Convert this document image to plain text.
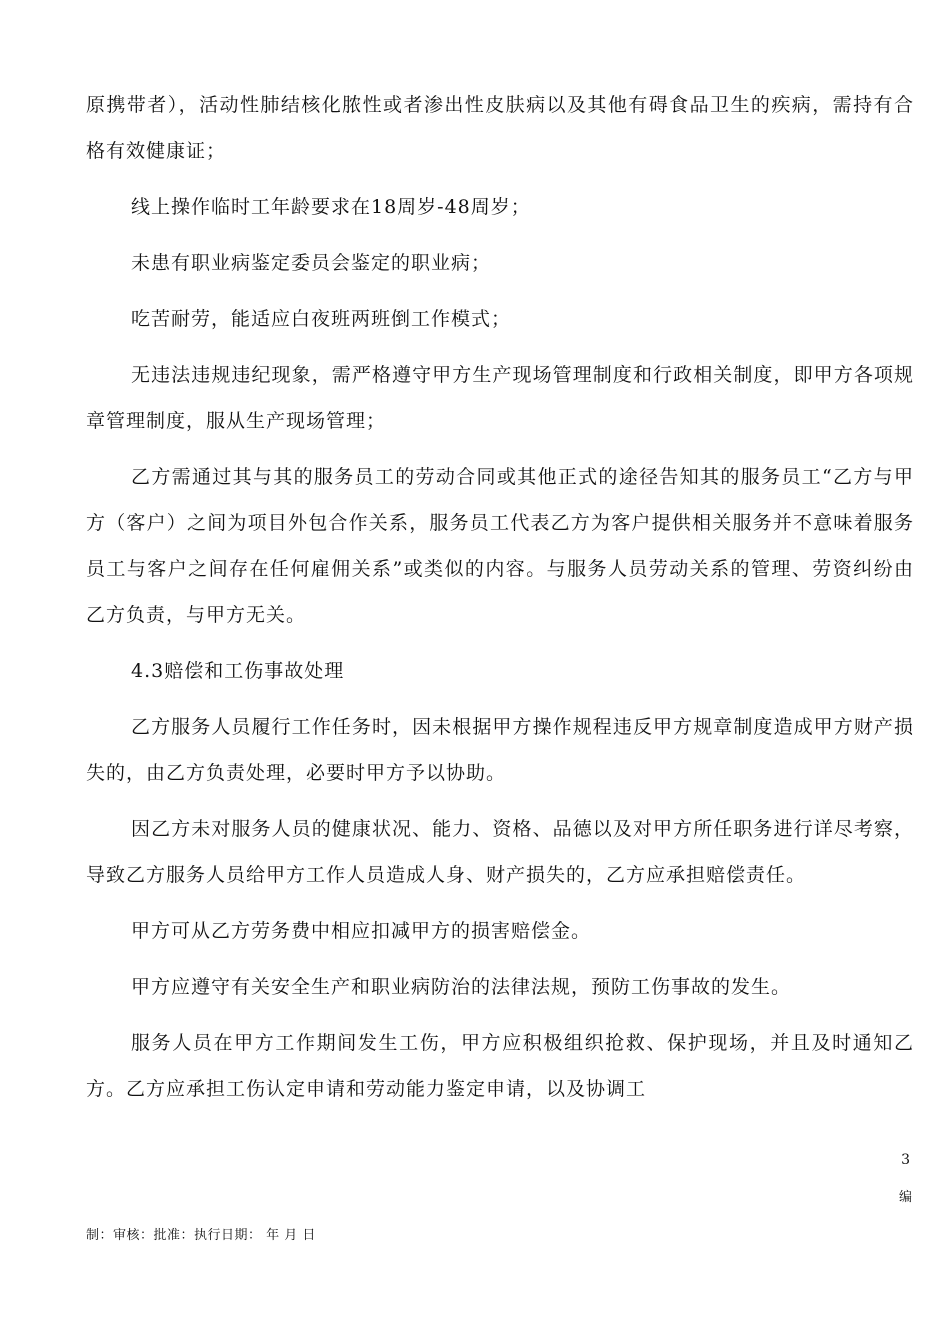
原携带者），活动性肺结核化脓性或者渗出性皮肤病以及其他有碍食品卫生的疾病，需持有合格有效健康证；

线上操作临时工年龄要求在18周岁-48周岁；

未患有职业病鉴定委员会鉴定的职业病；

吃苦耐劳，能适应白夜班两班倒工作模式；

无违法违规违纪现象，需严格遵守甲方生产现场管理制度和行政相关制度，即甲方各项规章管理制度，服从生产现场管理；

乙方需通过其与其的服务员工的劳动合同或其他正式的途径告知其的服务员工“乙方与甲方（客户）之间为项目外包合作关系，服务员工代表乙方为客户提供相关服务并不意味着服务员工与客户之间存在任何雇佣关系”或类似的内容。与服务人员劳动关系的管理、劳资纠纷由乙方负责，与甲方无关。

4.3赔偿和工伤事故处理

乙方服务人员履行工作任务时，因未根据甲方操作规程违反甲方规章制度造成甲方财产损失的，由乙方负责处理，必要时甲方予以协助。

因乙方未对服务人员的健康状况、能力、资格、品德以及对甲方所任职务进行详尽考察，导致乙方服务人员给甲方工作人员造成人身、财产损失的，乙方应承担赔偿责任。

甲方可从乙方劳务费中相应扣减甲方的损害赔偿金。

甲方应遵守有关安全生产和职业病防治的法律法规，预防工伤事故的发生。

服务人员在甲方工作期间发生工伤，甲方应积极组织抢救、保护现场，并且及时通知乙方。乙方应承担工伤认定申请和劳动能力鉴定申请，以及协调工

3
编
制：审核：批准：执行日期： 年 月 日
